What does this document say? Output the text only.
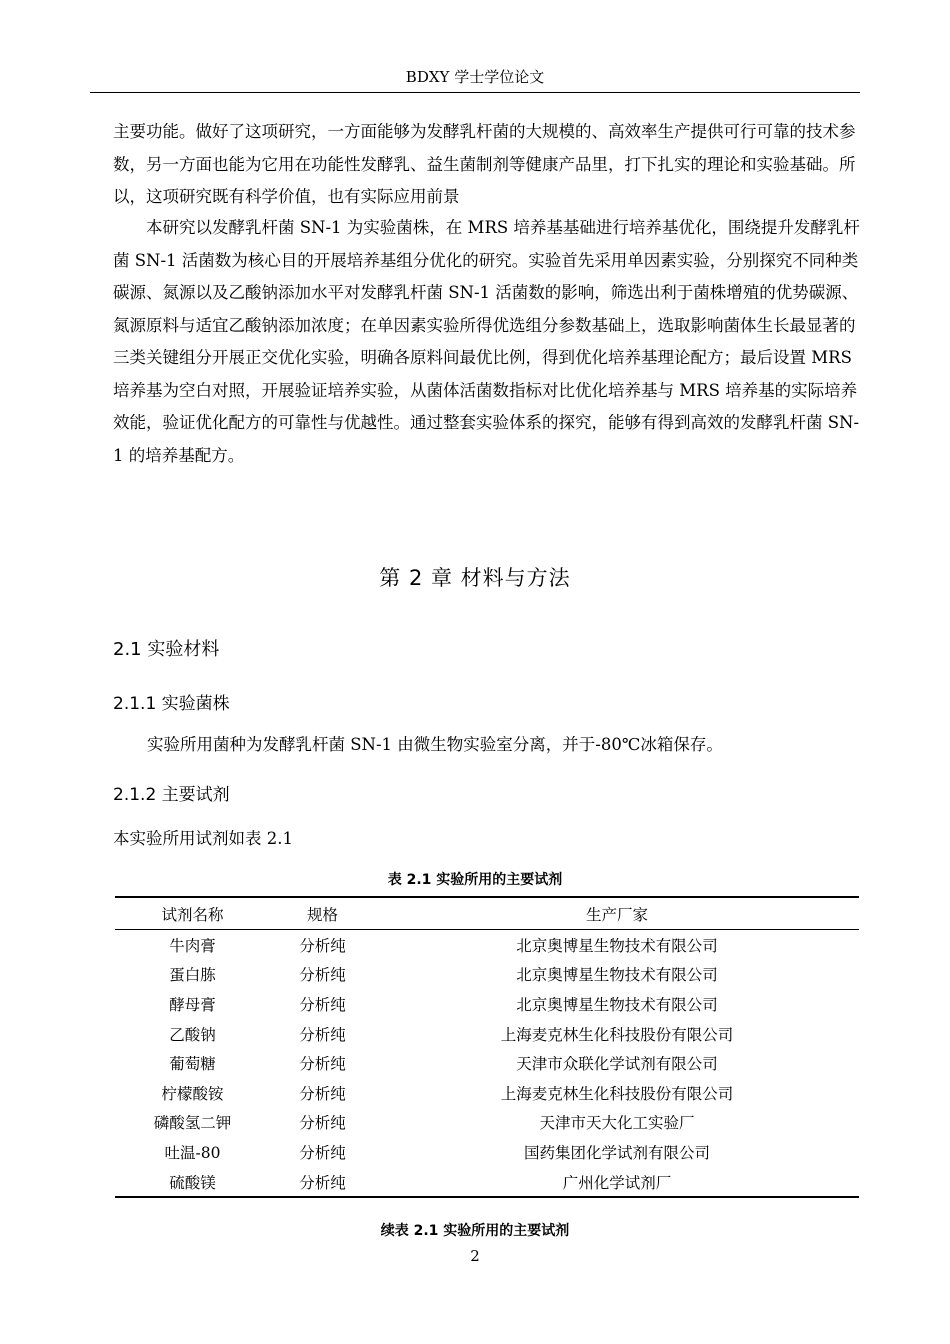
BDXY 学士学位论文

主要功能。做好了这项研究，一方面能够为发酵乳杆菌的大规模的、高效率生产提供可行可靠的技术参数，另一方面也能为它用在功能性发酵乳、益生菌制剂等健康产品里，打下扎实的理论和实验基础。所以，这项研究既有科学价值，也有实际应用前景

本研究以发酵乳杆菌 SN-1 为实验菌株，在 MRS 培养基基础进行培养基优化，围绕提升发酵乳杆菌 SN-1 活菌数为核心目的开展培养基组分优化的研究。实验首先采用单因素实验，分别探究不同种类碳源、氮源以及乙酸钠添加水平对发酵乳杆菌 SN-1 活菌数的影响，筛选出利于菌株增殖的优势碳源、氮源原料与适宜乙酸钠添加浓度；在单因素实验所得优选组分参数基础上，选取影响菌体生长最显著的三类关键组分开展正交优化实验，明确各原料间最优比例，得到优化培养基理论配方；最后设置 MRS 培养基为空白对照，开展验证培养实验，从菌体活菌数指标对比优化培养基与 MRS 培养基的实际培养效能，验证优化配方的可靠性与优越性。通过整套实验体系的探究，能够有得到高效的发酵乳杆菌 SN-1 的培养基配方。

第 2 章 材料与方法
2.1 实验材料
2.1.1 实验菌株
实验所用菌种为发酵乳杆菌 SN-1 由微生物实验室分离，并于-80℃冰箱保存。
2.1.2 主要试剂
本实验所用试剂如表 2.1
表 2.1 实验所用的主要试剂
试剂名称	规格	生产厂家
牛肉膏	分析纯	北京奥博星生物技术有限公司
蛋白胨	分析纯	北京奥博星生物技术有限公司
酵母膏	分析纯	北京奥博星生物技术有限公司
乙酸钠	分析纯	上海麦克林生化科技股份有限公司
葡萄糖	分析纯	天津市众联化学试剂有限公司
柠檬酸铵	分析纯	上海麦克林生化科技股份有限公司
磷酸氢二钾	分析纯	天津市天大化工实验厂
吐温-80	分析纯	国药集团化学试剂有限公司
硫酸镁	分析纯	广州化学试剂厂
续表 2.1 实验所用的主要试剂
2
